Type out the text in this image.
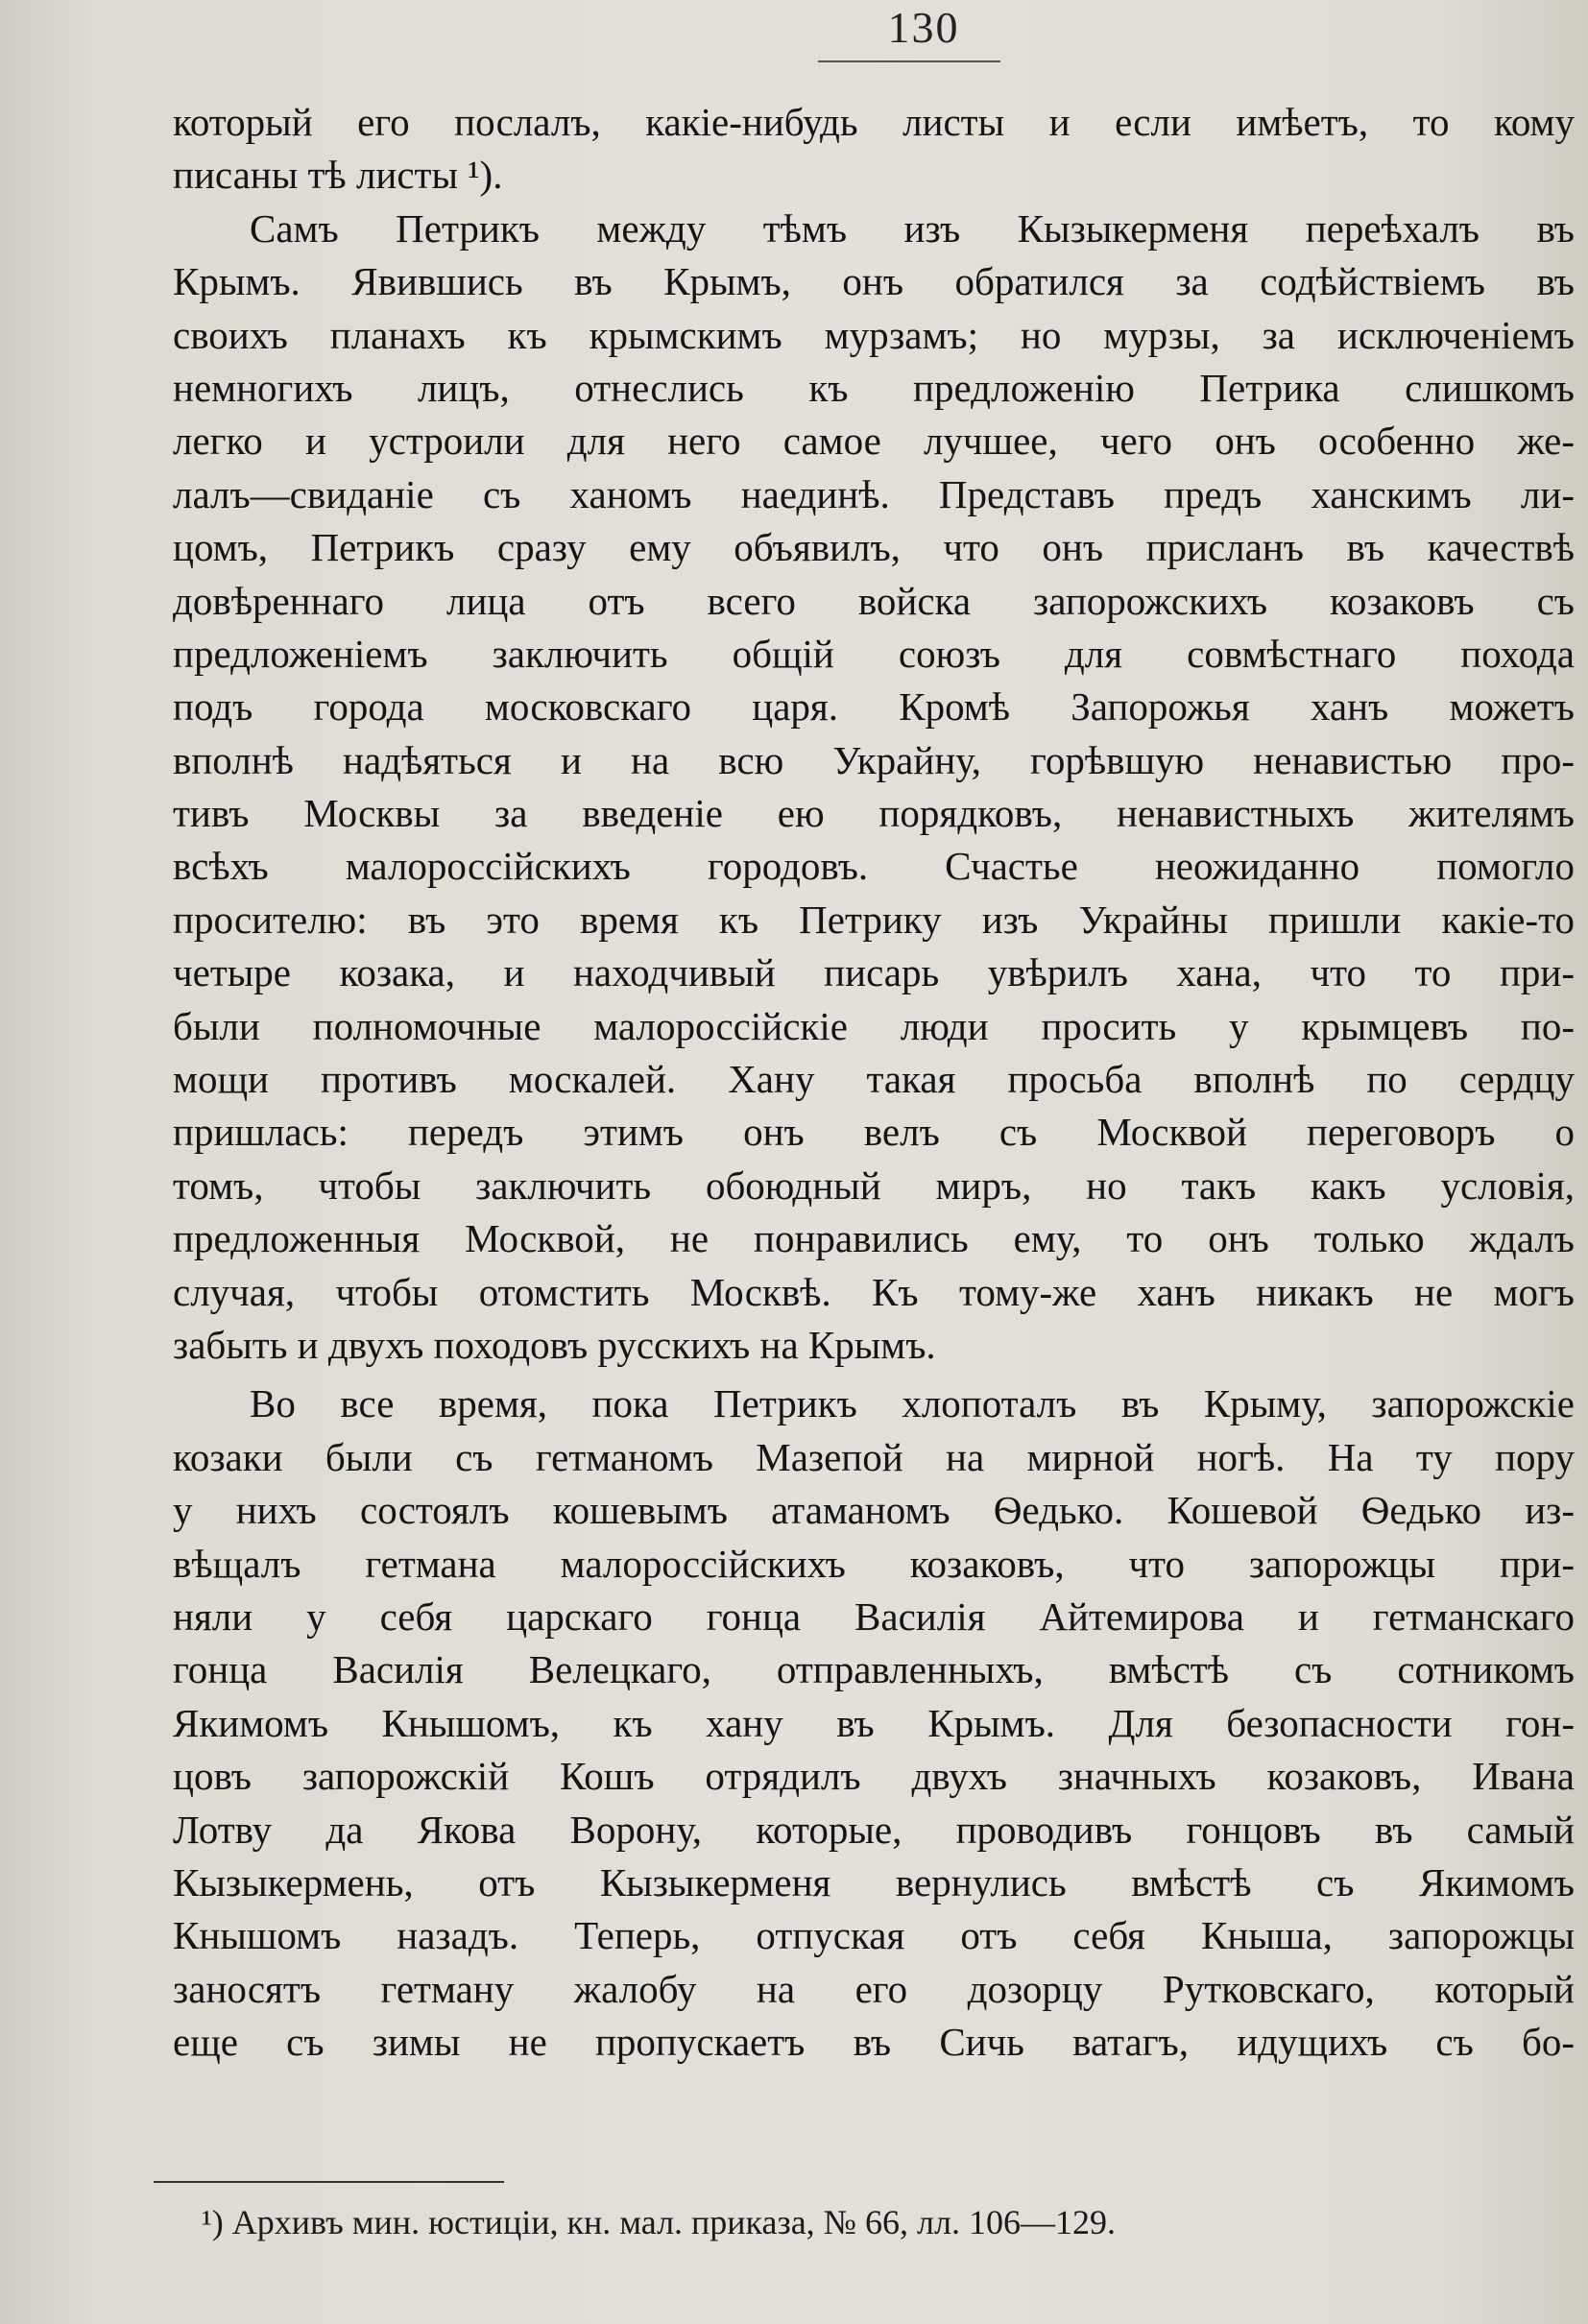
130
который его послалъ, какіе-нибудь листы и если имѣетъ, то кому
писаны тѣ листы ¹).
Самъ Петрикъ между тѣмъ изъ Кызыкерменя переѣхалъ въ
Крымъ. Явившись въ Крымъ, онъ обратился за содѣйствіемъ въ
своихъ планахъ къ крымскимъ мурзамъ; но мурзы, за исключеніемъ
немногихъ лицъ, отнеслись къ предложенію Петрика слишкомъ
легко и устроили для него самое лучшее, чего онъ особенно же-
лалъ—свиданіе съ ханомъ наединѣ. Представъ предъ ханскимъ ли-
цомъ, Петрикъ сразу ему объявилъ, что онъ присланъ въ качествѣ
довѣреннаго лица отъ всего войска запорожскихъ козаковъ съ
предложеніемъ заключить общій союзъ для совмѣстнаго похода
подъ города московскаго царя. Кромѣ Запорожья ханъ можетъ
вполнѣ надѣяться и на всю Украйну, горѣвшую ненавистью про-
тивъ Москвы за введеніе ею порядковъ, ненавистныхъ жителямъ
всѣхъ малороссійскихъ городовъ. Счастье неожиданно помогло
просителю: въ это время къ Петрику изъ Украйны пришли какіе-то
четыре козака, и находчивый писарь увѣрилъ хана, что то при-
были полномочные малороссійскіе люди просить у крымцевъ по-
мощи противъ москалей. Хану такая просьба вполнѣ по сердцу
пришлась: передъ этимъ онъ велъ съ Москвой переговоръ о
томъ, чтобы заключить обоюдный миръ, но такъ какъ условія,
предложенныя Москвой, не понравились ему, то онъ только ждалъ
случая, чтобы отомстить Москвѣ. Къ тому-же ханъ никакъ не могъ
забыть и двухъ походовъ русскихъ на Крымъ.
Во все время, пока Петрикъ хлопоталъ въ Крыму, запорожскіе
козаки были съ гетманомъ Мазепой на мирной ногѣ. На ту пору
у нихъ состоялъ кошевымъ атаманомъ Ѳедько. Кошевой Ѳедько из-
вѣщалъ гетмана малороссійскихъ козаковъ, что запорожцы при-
няли у себя царскаго гонца Василія Айтемирова и гетманскаго
гонца Василія Велецкаго, отправленныхъ, вмѣстѣ съ сотникомъ
Якимомъ Кнышомъ, къ хану въ Крымъ. Для безопасности гон-
цовъ запорожскій Кошъ отрядилъ двухъ значныхъ козаковъ, Ивана
Лотву да Якова Ворону, которые, проводивъ гонцовъ въ самый
Кызыкермень, отъ Кызыкерменя вернулись вмѣстѣ съ Якимомъ
Кнышомъ назадъ. Теперь, отпуская отъ себя Кныша, запорожцы
заносятъ гетману жалобу на его дозорцу Рутковскаго, который
еще съ зимы не пропускаетъ въ Сичь ватагъ, идущихъ съ бо-
¹) Архивъ мин. юстиціи, кн. мал. приказа, № 66, лл. 106—129.
